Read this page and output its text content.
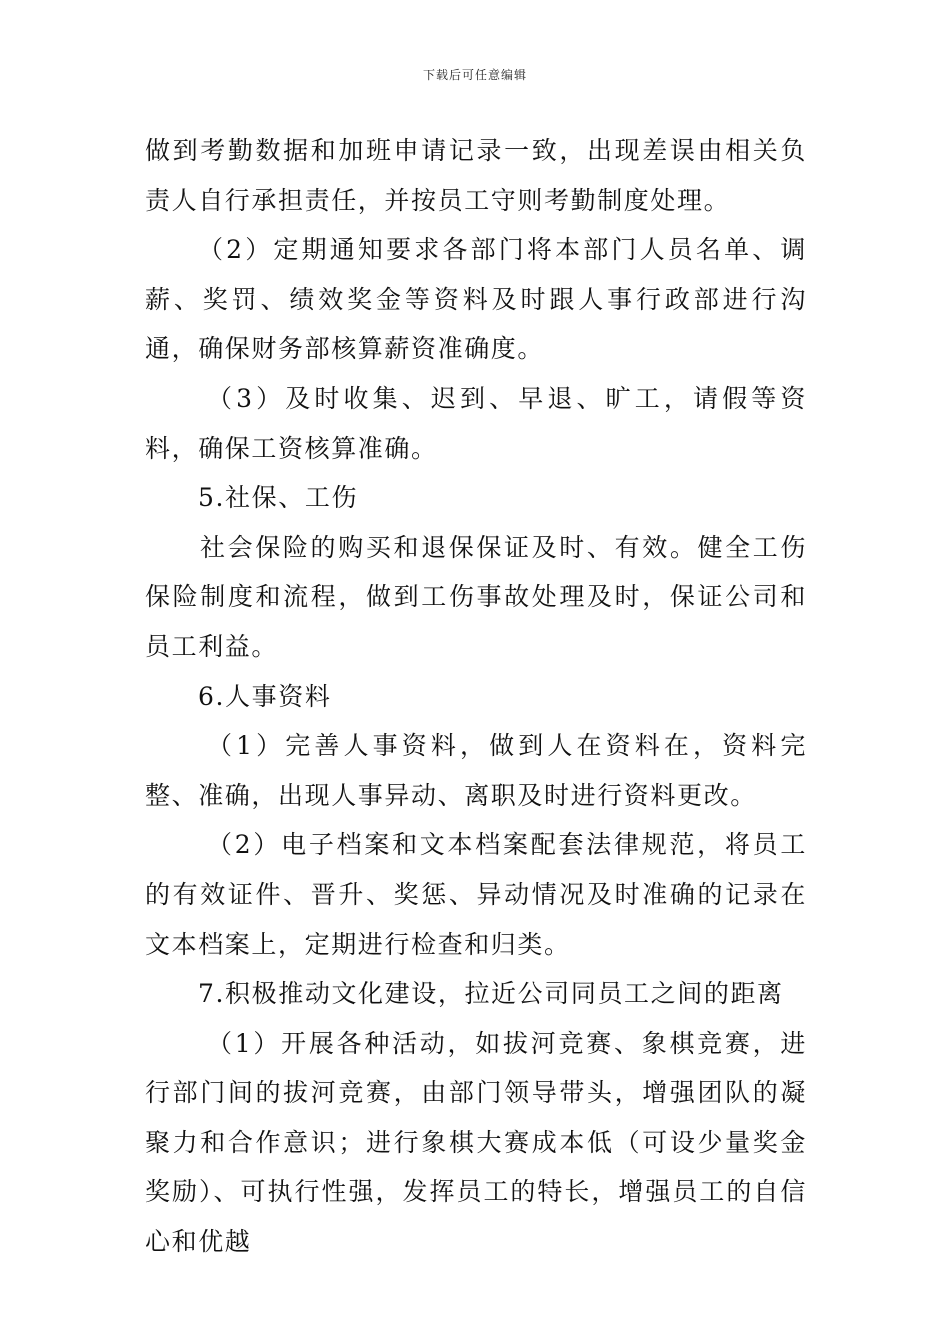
下载后可任意编辑

做到考勤数据和加班申请记录一致，出现差误由相关负责人自行承担责任，并按员工守则考勤制度处理。

（2）定期通知要求各部门将本部门人员名单、调薪、奖罚、绩效奖金等资料及时跟人事行政部进行沟通，确保财务部核算薪资准确度。

（3）及时收集、迟到、早退、旷工，请假等资料，确保工资核算准确。

5.社保、工伤

社会保险的购买和退保保证及时、有效。健全工伤保险制度和流程，做到工伤事故处理及时，保证公司和员工利益。

6.人事资料

（1）完善人事资料，做到人在资料在，资料完整、准确，出现人事异动、离职及时进行资料更改。

（2）电子档案和文本档案配套法律规范，将员工的有效证件、晋升、奖惩、异动情况及时准确的记录在文本档案上，定期进行检查和归类。

7.积极推动文化建设，拉近公司同员工之间的距离

（1）开展各种活动，如拔河竞赛、象棋竞赛，进行部门间的拔河竞赛，由部门领导带头，增强团队的凝聚力和合作意识；进行象棋大赛成本低（可设少量奖金奖励）、可执行性强，发挥员工的特长，增强员工的自信心和优越
